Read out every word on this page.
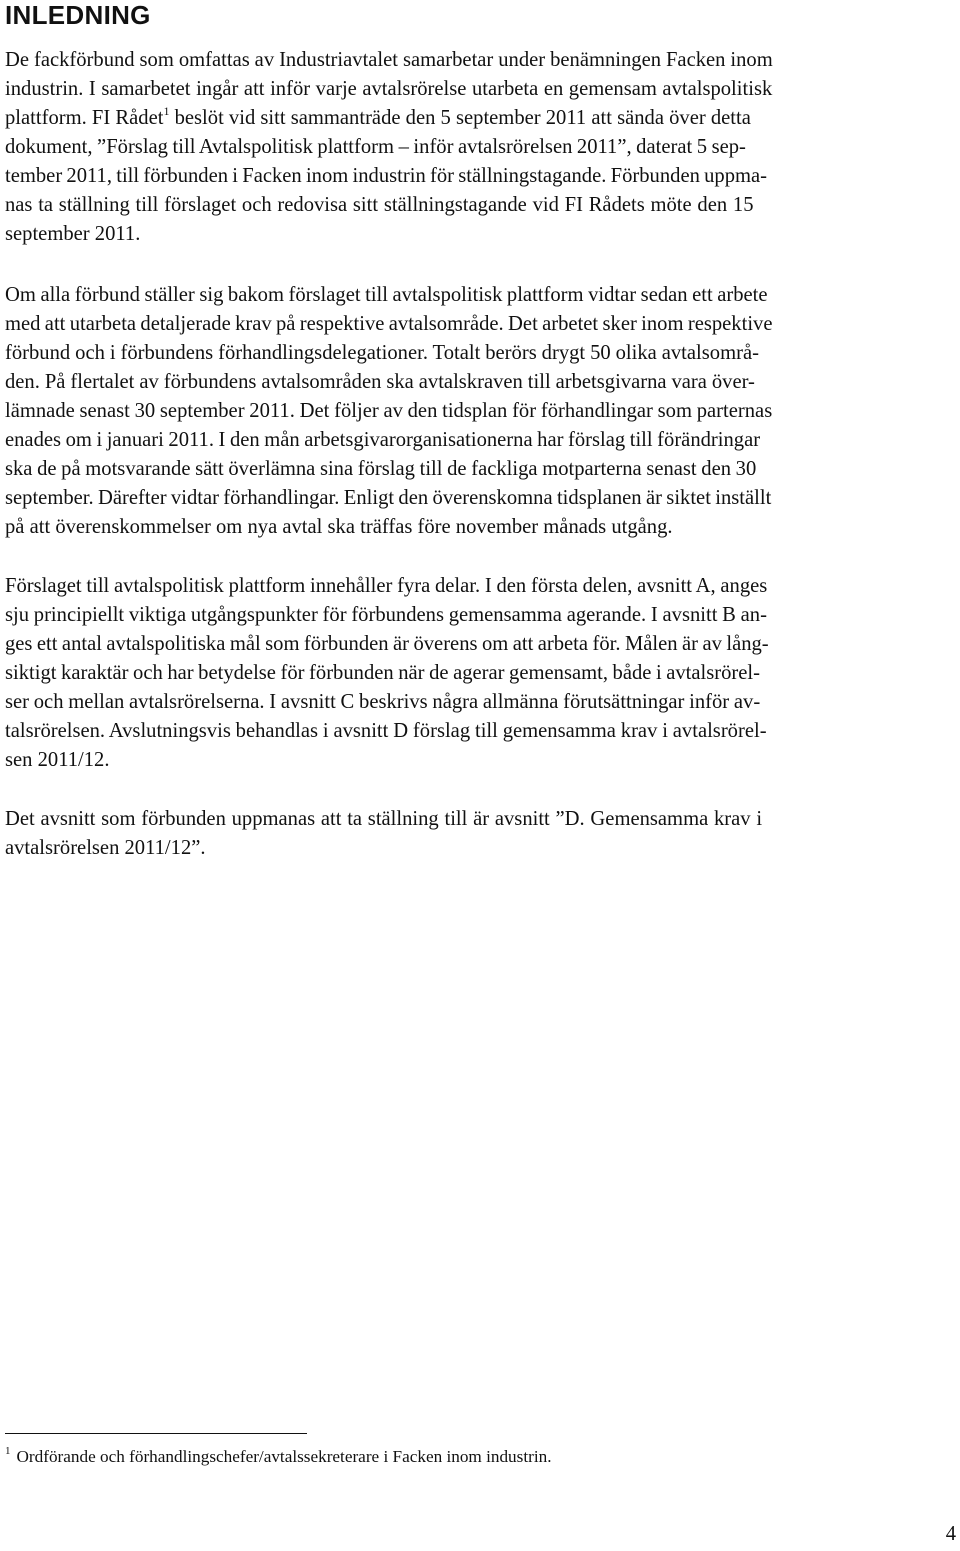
INLEDNING
De fackförbund som omfattas av Industriavtalet samarbetar under benämningen Facken inom
industrin. I samarbetet ingår att inför varje avtalsrörelse utarbeta en gemensam avtalspolitisk
plattform. FI Rådet$^1$ beslöt vid sitt sammanträde den 5 september 2011 att sända över detta
dokument, ”Förslag till Avtalspolitisk plattform – inför avtalsrörelsen 2011”, daterat 5 sep-
tember 2011, till förbunden i Facken inom industrin för ställningstagande. Förbunden uppma-
nas ta ställning till förslaget och redovisa sitt ställningstagande vid FI Rådets möte den 15
september 2011.
Om alla förbund ställer sig bakom förslaget till avtalspolitisk plattform vidtar sedan ett arbete
med att utarbeta detaljerade krav på respektive avtalsområde. Det arbetet sker inom respektive
förbund och i förbundens förhandlingsdelegationer. Totalt berörs drygt 50 olika avtalsområ-
den. På flertalet av förbundens avtalsområden ska avtalskraven till arbetsgivarna vara över-
lämnade senast 30 september 2011. Det följer av den tidsplan för förhandlingar som parternas
enades om i januari 2011. I den mån arbetsgivarorganisationerna har förslag till förändringar
ska de på motsvarande sätt överlämna sina förslag till de fackliga motparterna senast den 30
september. Därefter vidtar förhandlingar. Enligt den överenskomna tidsplanen är siktet inställt
på att överenskommelser om nya avtal ska träffas före november månads utgång.
Förslaget till avtalspolitisk plattform innehåller fyra delar. I den första delen, avsnitt A, anges
sju principiellt viktiga utgångspunkter för förbundens gemensamma agerande. I avsnitt B an-
ges ett antal avtalspolitiska mål som förbunden är överens om att arbeta för. Målen är av lång-
siktigt karaktär och har betydelse för förbunden när de agerar gemensamt, både i avtalsrörel-
ser och mellan avtalsrörelserna. I avsnitt C beskrivs några allmänna förutsättningar inför av-
talsrörelsen. Avslutningsvis behandlas i avsnitt D förslag till gemensamma krav i avtalsrörel-
sen 2011/12.
Det avsnitt som förbunden uppmanas att ta ställning till är avsnitt ”D. Gemensamma krav i
avtalsrörelsen 2011/12”.
$^1$ Ordförande och förhandlingschefer/avtalssekreterare i Facken inom industrin.
4
